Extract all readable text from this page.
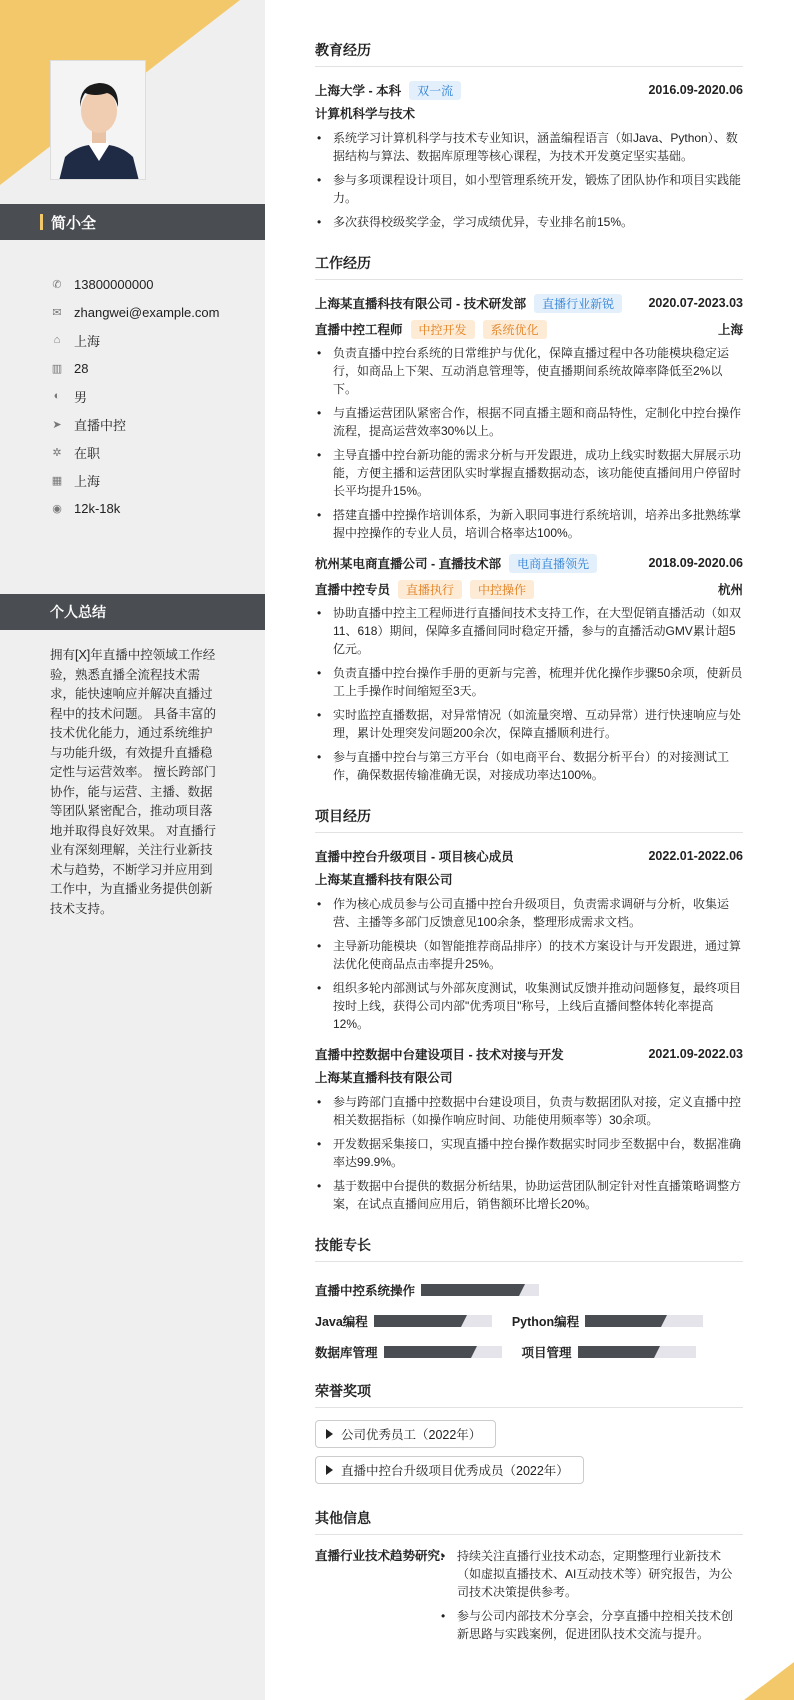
简小全
✆ 13800000000
✉ zhangwei@example.com
⌂ 上海
▥ 28
◐ 男
➤ 直播中控
✲ 在职
▦ 上海
◉ 12k-18k
个人总结
拥有[X]年直播中控领域工作经验，熟悉直播全流程技术需求，能快速响应并解决直播过程中的技术问题。 具备丰富的技术优化能力，通过系统维护与功能升级，有效提升直播稳定性与运营效率。 擅长跨部门协作，能与运营、主播、数据等团队紧密配合，推动项目落地并取得良好效果。 对直播行业有深刻理解，关注行业新技术与趋势，不断学习并应用到工作中，为直播业务提供创新技术支持。
教育经历
上海大学 - 本科	双一流	2016.09-2020.06
计算机科学与技术
• 系统学习计算机科学与技术专业知识，涵盖编程语言（如Java、Python）、数据结构与算法、数据库原理等核心课程，为技术开发奠定坚实基础。
• 参与多项课程设计项目，如小型管理系统开发，锻炼了团队协作和项目实践能力。
• 多次获得校级奖学金，学习成绩优异，专业排名前15%。
工作经历
上海某直播科技有限公司 - 技术研发部	直播行业新锐	2020.07-2023.03
直播中控工程师	中控开发	系统优化	上海
• 负责直播中控台系统的日常维护与优化，保障直播过程中各功能模块稳定运行，如商品上下架、互动消息管理等，使直播期间系统故障率降低至2%以下。
• 与直播运营团队紧密合作，根据不同直播主题和商品特性，定制化中控台操作流程，提高运营效率30%以上。
• 主导直播中控台新功能的需求分析与开发跟进，成功上线实时数据大屏展示功能，方便主播和运营团队实时掌握直播数据动态，该功能使直播间用户停留时长平均提升15%。
• 搭建直播中控操作培训体系，为新入职同事进行系统培训，培养出多批熟练掌握中控操作的专业人员，培训合格率达100%。
杭州某电商直播公司 - 直播技术部	电商直播领先	2018.09-2020.06
直播中控专员	直播执行	中控操作	杭州
• 协助直播中控主工程师进行直播间技术支持工作，在大型促销直播活动（如双11、618）期间，保障多直播间同时稳定开播，参与的直播活动GMV累计超5亿元。
• 负责直播中控台操作手册的更新与完善，梳理并优化操作步骤50余项，使新员工上手操作时间缩短至3天。
• 实时监控直播数据，对异常情况（如流量突增、互动异常）进行快速响应与处理，累计处理突发问题200余次，保障直播顺利进行。
• 参与直播中控台与第三方平台（如电商平台、数据分析平台）的对接测试工作，确保数据传输准确无误，对接成功率达100%。
项目经历
直播中控台升级项目 - 项目核心成员	2022.01-2022.06
上海某直播科技有限公司
• 作为核心成员参与公司直播中控台升级项目，负责需求调研与分析，收集运营、主播等多部门反馈意见100余条，整理形成需求文档。
• 主导新功能模块（如智能推荐商品排序）的技术方案设计与开发跟进，通过算法优化使商品点击率提升25%。
• 组织多轮内部测试与外部灰度测试，收集测试反馈并推动问题修复，最终项目按时上线，获得公司内部"优秀项目"称号，上线后直播间整体转化率提高12%。
直播中控数据中台建设项目 - 技术对接与开发	2021.09-2022.03
上海某直播科技有限公司
• 参与跨部门直播中控数据中台建设项目，负责与数据团队对接，定义直播中控相关数据指标（如操作响应时间、功能使用频率等）30余项。
• 开发数据采集接口，实现直播中控台操作数据实时同步至数据中台，数据准确率达99.9%。
• 基于数据中台提供的数据分析结果，协助运营团队制定针对性直播策略调整方案，在试点直播间应用后，销售额环比增长20%。
技能专长
直播中控系统操作
Java编程	Python编程
数据库管理	项目管理
荣誉奖项
公司优秀员工（2022年）
直播中控台升级项目优秀成员（2022年）
其他信息
直播行业技术趋势研究:
•	持续关注直播行业技术动态，定期整理行业新技术（如虚拟直播技术、AI互动技术等）研究报告，为公司技术决策提供参考。
• 参与公司内部技术分享会，分享直播中控相关技术创新思路与实践案例，促进团队技术交流与提升。
